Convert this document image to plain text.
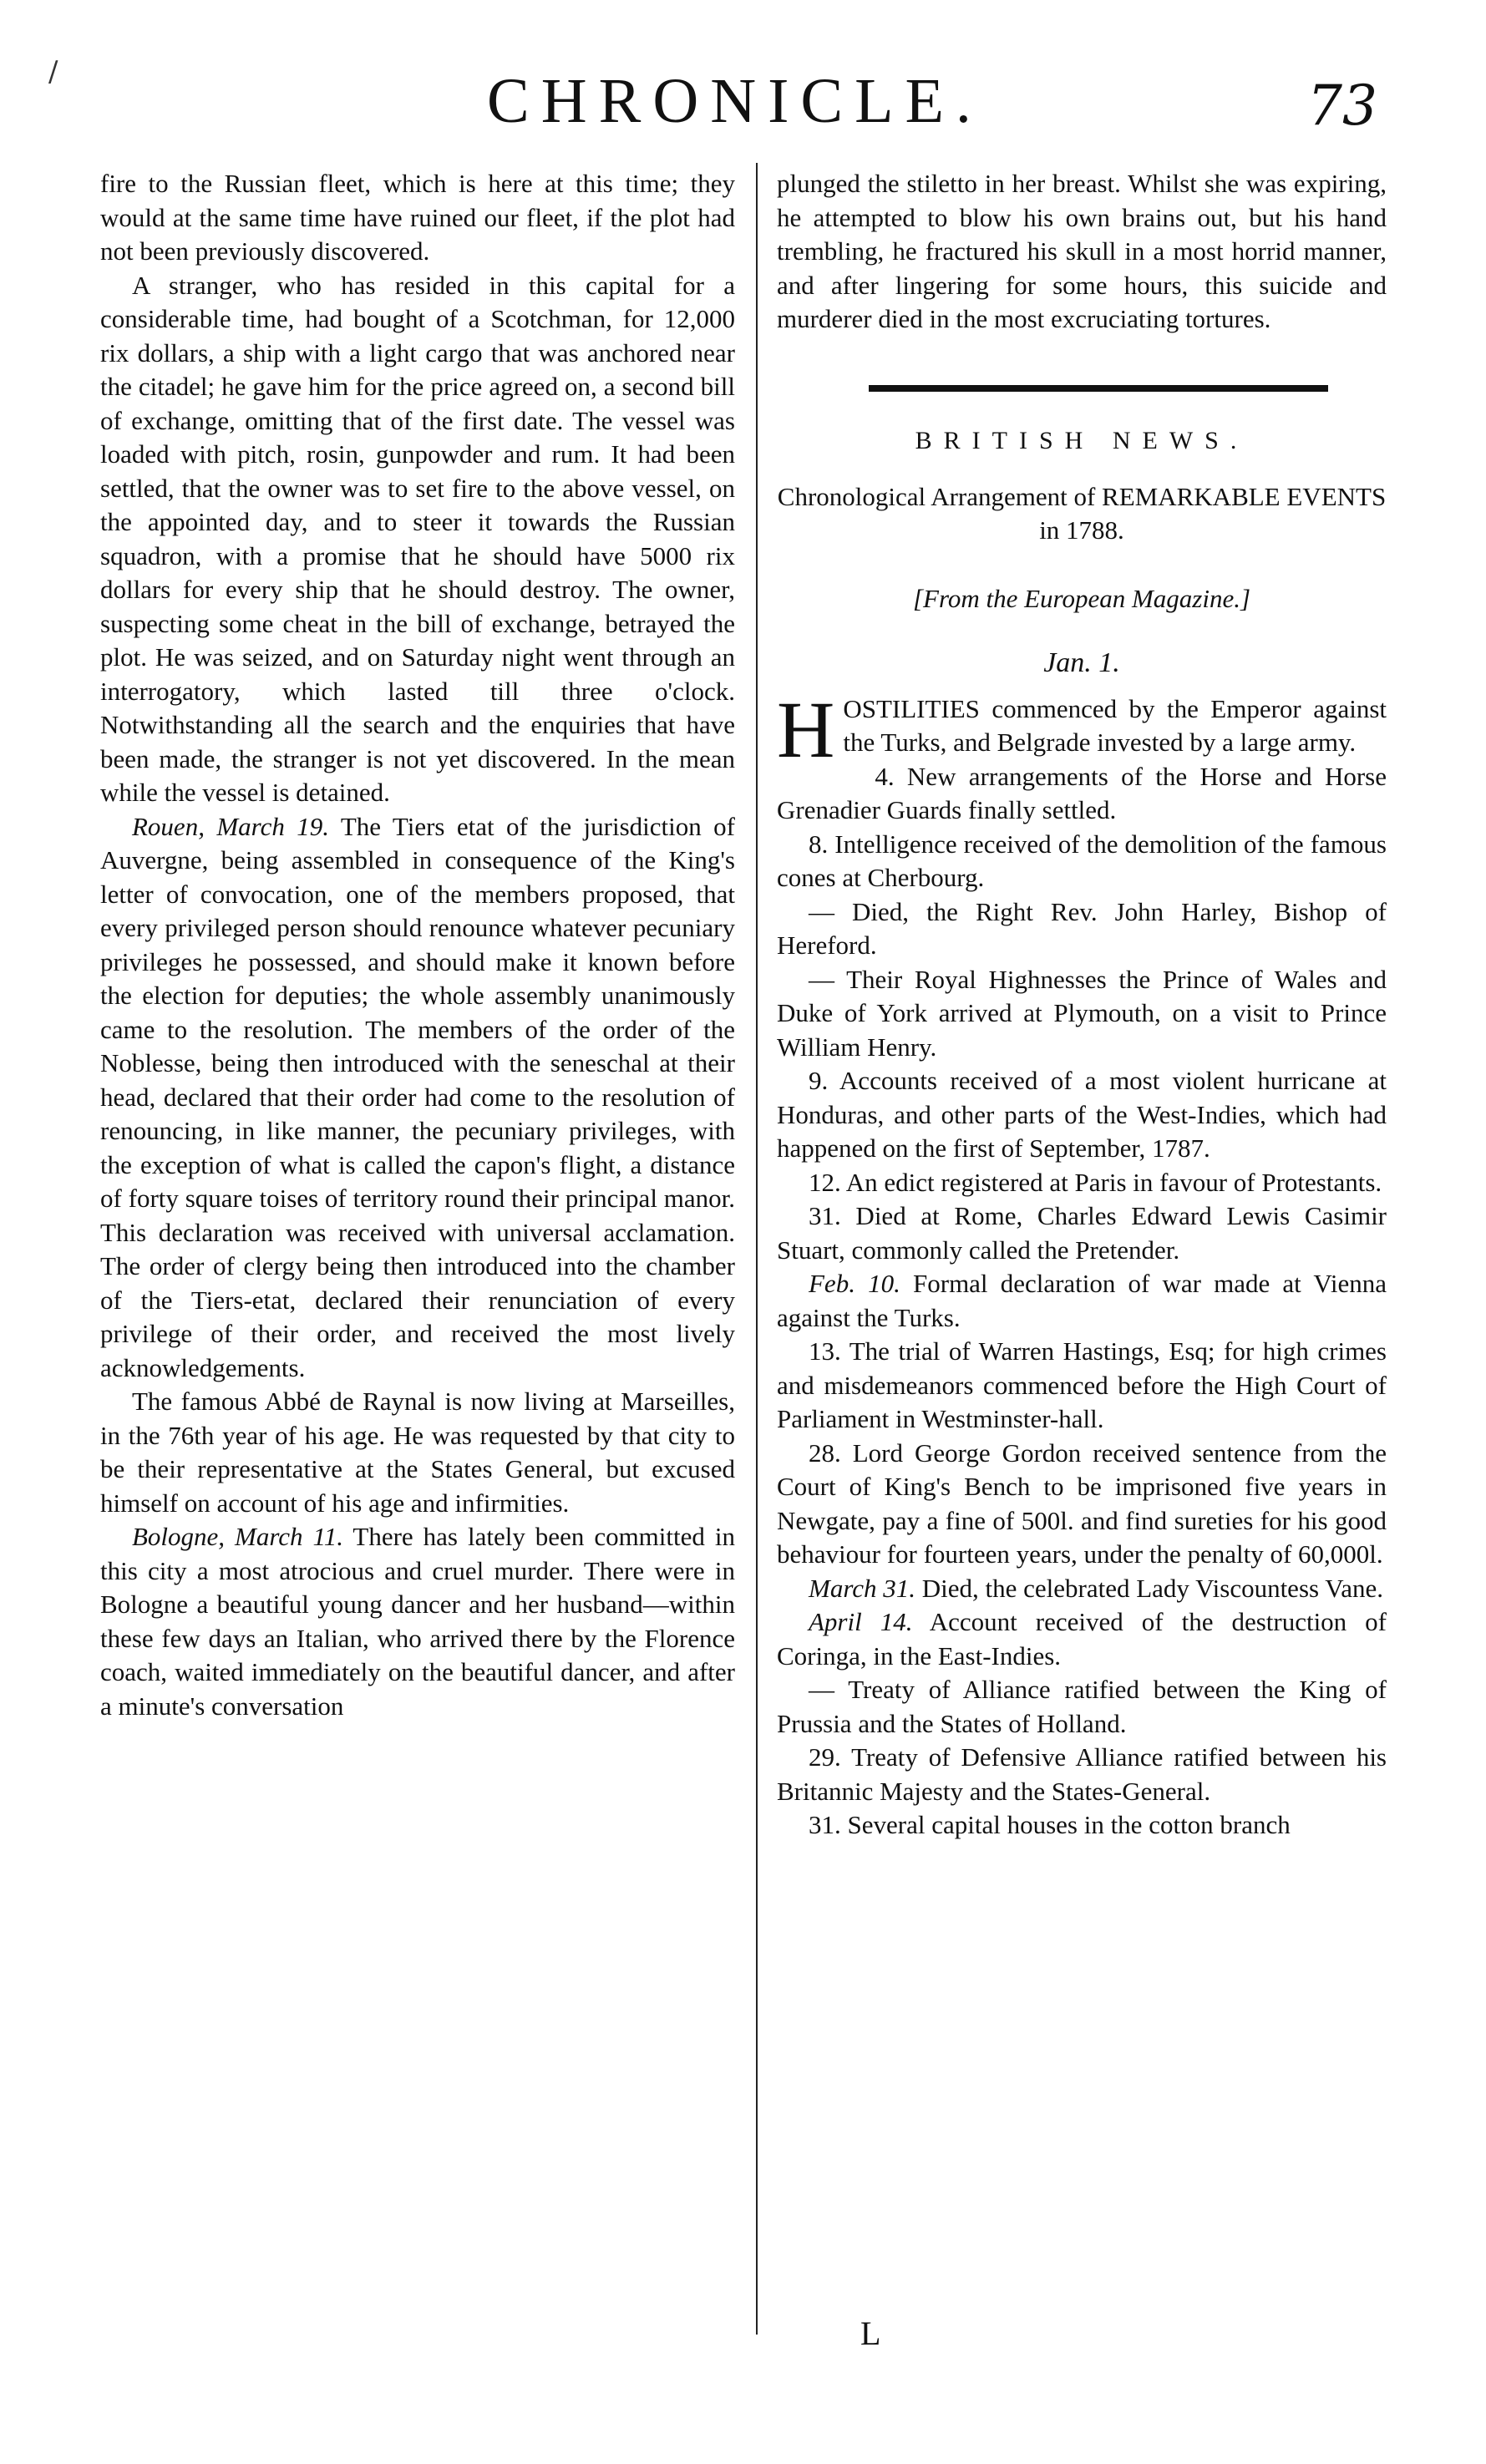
/	CHRONICLE.	73

fire to the Russian fleet, which is here at this time; they would at the same time have ruined our fleet, if the plot had not been previously discovered.

A stranger, who has resided in this capital for a considerable time, had bought of a Scotchman, for 12,000 rix dollars, a ship with a light cargo that was anchored near the citadel; he gave him for the price agreed on, a second bill of exchange, omitting that of the first date. The vessel was loaded with pitch, rosin, gunpowder and rum. It had been settled, that the owner was to set fire to the above vessel, on the appointed day, and to steer it towards the Russian squadron, with a promise that he should have 5000 rix dollars for every ship that he should destroy. The owner, suspecting some cheat in the bill of exchange, betrayed the plot. He was seized, and on Saturday night went through an interrogatory, which lasted till three o'clock. Notwithstanding all the search and the enquiries that have been made, the stranger is not yet discovered. In the mean while the vessel is detained.

Rouen, March 19. The Tiers etat of the jurisdiction of Auvergne, being assembled in consequence of the King's letter of convocation, one of the members proposed, that every privileged person should renounce whatever pecuniary privileges he possessed, and should make it known before the election for deputies; the whole assembly unanimously came to the resolution. The members of the order of the Noblesse, being then introduced with the seneschal at their head, declared that their order had come to the resolution of renouncing, in like manner, the pecuniary privileges, with the exception of what is called the capon's flight, a distance of forty square toises of territory round their principal manor. This declaration was received with universal acclamation. The order of clergy being then introduced into the chamber of the Tiers-etat, declared their renunciation of every privilege of their order, and received the most lively acknowledgements.

The famous Abbé de Raynal is now living at Marseilles, in the 76th year of his age. He was requested by that city to be their representative at the States General, but excused himself on account of his age and infirmities.

Bologne, March 11. There has lately been committed in this city a most atrocious and cruel murder. There were in Bologne a beautiful young dancer and her husband—within these few days an Italian, who arrived there by the Florence coach, waited immediately on the beautiful dancer, and after a minute's conversation

plunged the stiletto in her breast. Whilst she was expiring, he attempted to blow his own brains out, but his hand trembling, he fractured his skull in a most horrid manner, and after lingering for some hours, this suicide and murderer died in the most excruciating tortures.

BRITISH NEWS.
Chronological Arrangement of REMARKABLE EVENTS in 1788.
[From the European Magazine.]
Jan. 1.

HOSTILITIES commenced by the Emperor against the Turks, and Belgrade invested by a large army.

4. New arrangements of the Horse and Horse Grenadier Guards finally settled.

8. Intelligence received of the demolition of the famous cones at Cherbourg.

— Died, the Right Rev. John Harley, Bishop of Hereford.

— Their Royal Highnesses the Prince of Wales and Duke of York arrived at Plymouth, on a visit to Prince William Henry.

9. Accounts received of a most violent hurricane at Honduras, and other parts of the West-Indies, which had happened on the first of September, 1787.

12. An edict registered at Paris in favour of Protestants.

31. Died at Rome, Charles Edward Lewis Casimir Stuart, commonly called the Pretender.

Feb. 10. Formal declaration of war made at Vienna against the Turks.

13. The trial of Warren Hastings, Esq; for high crimes and misdemeanors commenced before the High Court of Parliament in Westminster-hall.

28. Lord George Gordon received sentence from the Court of King's Bench to be imprisoned five years in Newgate, pay a fine of 500l. and find sureties for his good behaviour for fourteen years, under the penalty of 60,000l.

March 31. Died, the celebrated Lady Viscountess Vane.

April 14. Account received of the destruction of Coringa, in the East-Indies.

— Treaty of Alliance ratified between the King of Prussia and the States of Holland.

29. Treaty of Defensive Alliance ratified between his Britannic Majesty and the States-General.

31. Several capital houses in the cotton branch

L
